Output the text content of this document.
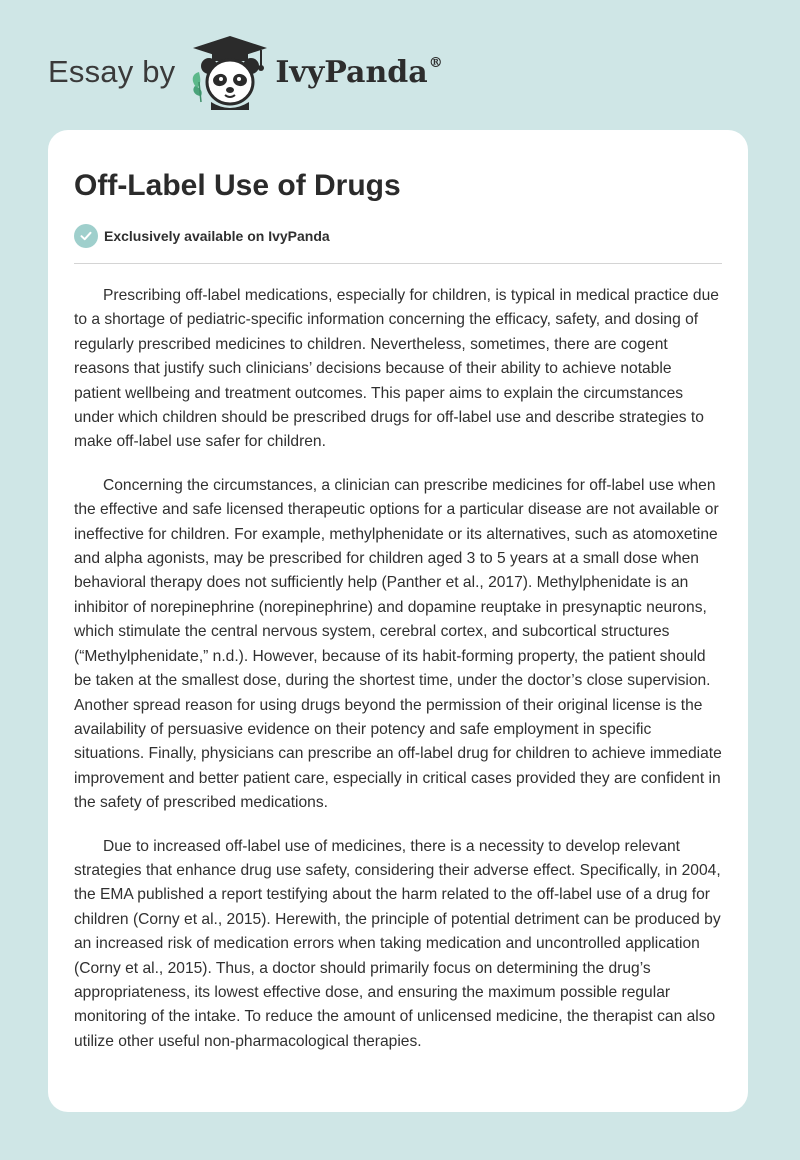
Essay by	IvyPanda®
Off-Label Use of Drugs
Exclusively available on IvyPanda

Prescribing off-label medications, especially for children, is typical in medical practice due to a shortage of pediatric-specific information concerning the efficacy, safety, and dosing of regularly prescribed medicines to children. Nevertheless, sometimes, there are cogent reasons that justify such clinicians’ decisions because of their ability to achieve notable patient wellbeing and treatment outcomes. This paper aims to explain the circumstances under which children should be prescribed drugs for off-label use and describe strategies to make off-label use safer for children.

Concerning the circumstances, a clinician can prescribe medicines for off-label use when the effective and safe licensed therapeutic options for a particular disease are not available or ineffective for children. For example, methylphenidate or its alternatives, such as atomoxetine and alpha agonists, may be prescribed for children aged 3 to 5 years at a small dose when behavioral therapy does not sufficiently help (Panther et al., 2017). Methylphenidate is an inhibitor of norepinephrine (norepinephrine) and dopamine reuptake in presynaptic neurons, which stimulate the central nervous system, cerebral cortex, and subcortical structures (“Methylphenidate,” n.d.). However, because of its habit-forming property, the patient should be taken at the smallest dose, during the shortest time, under the doctor’s close supervision. Another spread reason for using drugs beyond the permission of their original license is the availability of persuasive evidence on their potency and safe employment in specific situations. Finally, physicians can prescribe an off-label drug for children to achieve immediate improvement and better patient care, especially in critical cases provided they are confident in the safety of prescribed medications.

Due to increased off-label use of medicines, there is a necessity to develop relevant strategies that enhance drug use safety, considering their adverse effect. Specifically, in 2004, the EMA published a report testifying about the harm related to the off-label use of a drug for children (Corny et al., 2015). Herewith, the principle of potential detriment can be produced by an increased risk of medication errors when taking medication and uncontrolled application (Corny et al., 2015). Thus, a doctor should primarily focus on determining the drug’s appropriateness, its lowest effective dose, and ensuring the maximum possible regular monitoring of the intake. To reduce the amount of unlicensed medicine, the therapist can also utilize other useful non-pharmacological therapies.
